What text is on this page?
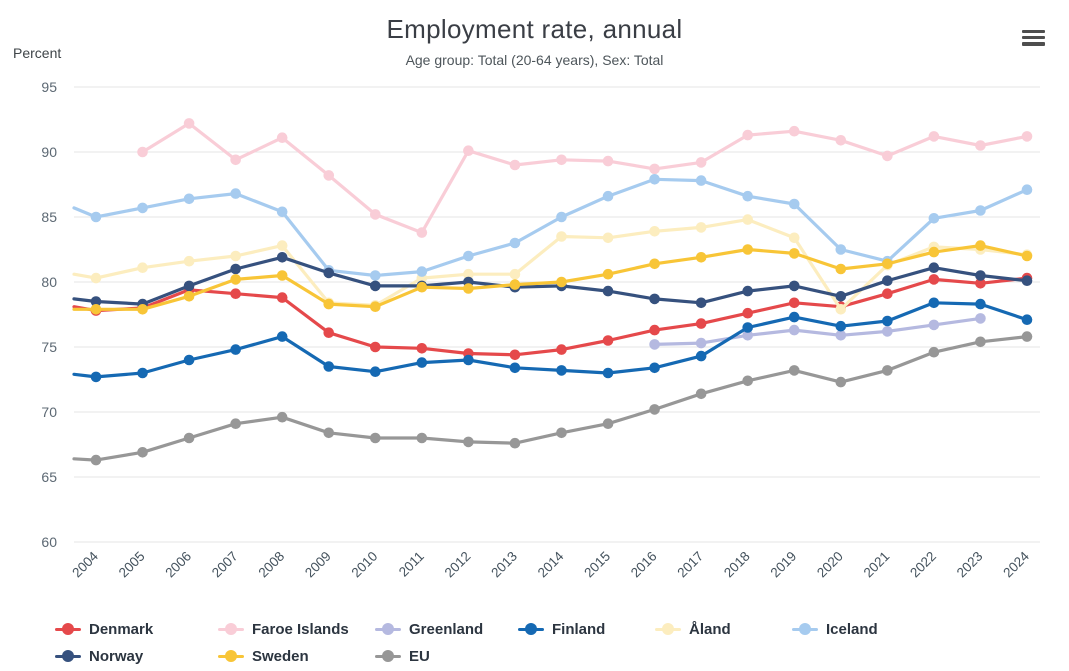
Employment rate, annual
Age group: Total (20-64 years), Sex: Total
Percent
95
90
85
80
75
70
65
60
2004 2005 2006 2007 2008 2009 2010 2011 2012 2013 2014 2015 2016 2017 2018 2019 2020 2021 2022 2023 2024
Denmark	Faroe Islands	Greenland	Finland	Åland	Iceland
Norway	Sweden	EU
